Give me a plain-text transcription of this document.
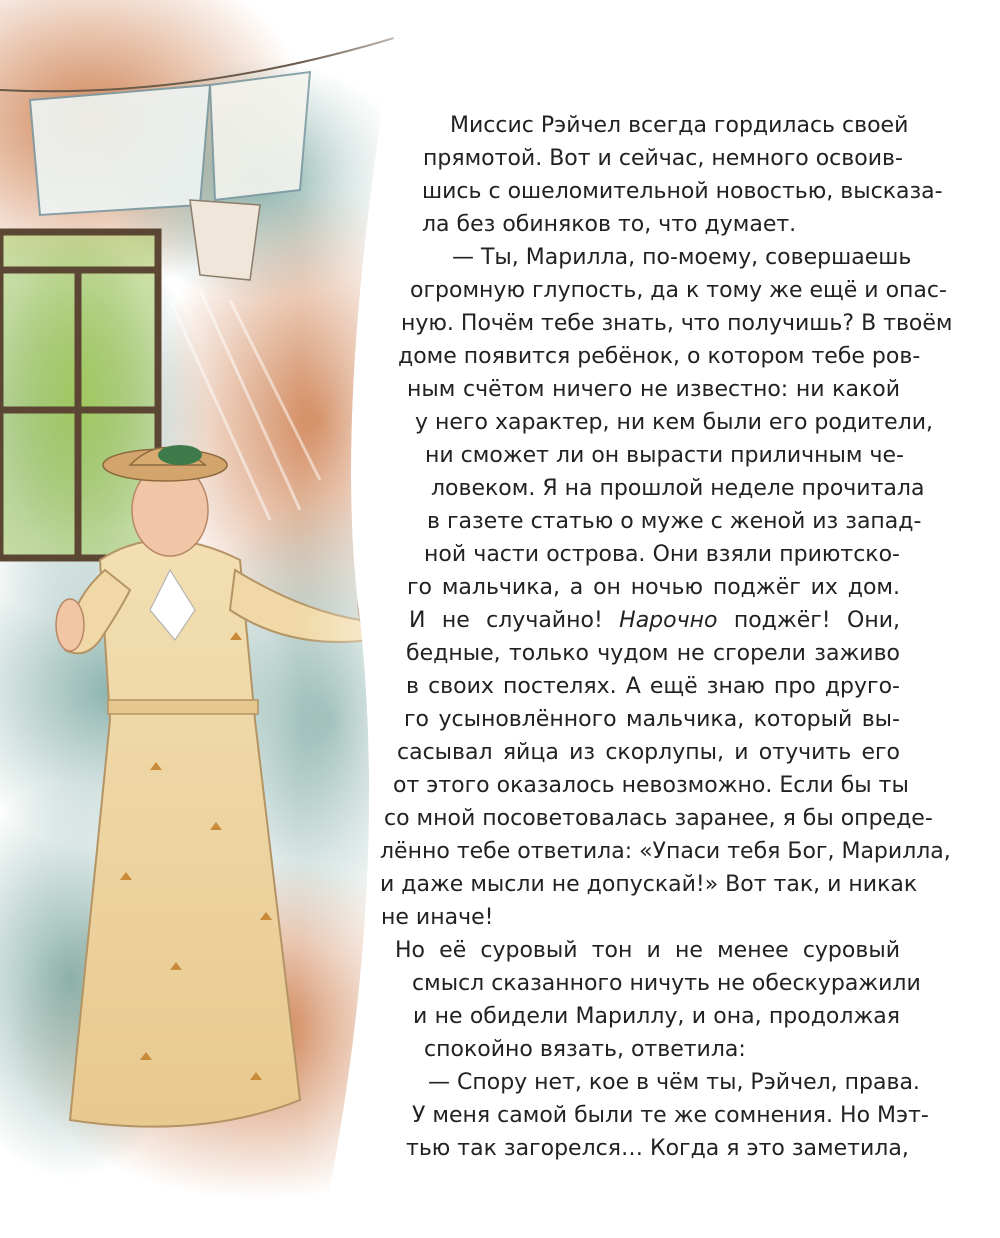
Миссис Рэйчел всегда гордилась своей
прямотой. Вот и сейчас, немного освоив-
шись с ошеломительной новостью, высказа-
ла без обиняков то, что думает.
— Ты, Марилла, по-моему, совершаешь
огромную глупость, да к тому же ещё и опас-
ную. Почём тебе знать, что получишь? В твоём
доме появится ребёнок, о котором тебе ров-
ным счётом ничего не известно: ни какой
у него характер, ни кем были его родители,
ни сможет ли он вырасти приличным че-
ловеком. Я на прошлой неделе прочитала
в газете статью о муже с женой из запад-
ной части острова. Они взяли приютско-
го мальчика, а он ночью поджёг их дом.
И не случайно! Нарочно поджёг! Они,
бедные, только чудом не сгорели заживо
в своих постелях. А ещё знаю про друго-
го усыновлённого мальчика, который вы-
сасывал яйца из скорлупы, и отучить его
от этого оказалось невозможно. Если бы ты
со мной посоветовалась заранее, я бы опреде-
лённо тебе ответила: «Упаси тебя Бог, Марилла,
и даже мысли не допускай!» Вот так, и никак
не иначе!
Но её суровый тон и не менее суровый
смысл сказанного ничуть не обескуражили
и не обидели Мариллу, и она, продолжая
спокойно вязать, ответила:
— Спору нет, кое в чём ты, Рэйчел, права.
У меня самой были те же сомнения. Но Мэт-
тью так загорелся… Когда я это заметила,
